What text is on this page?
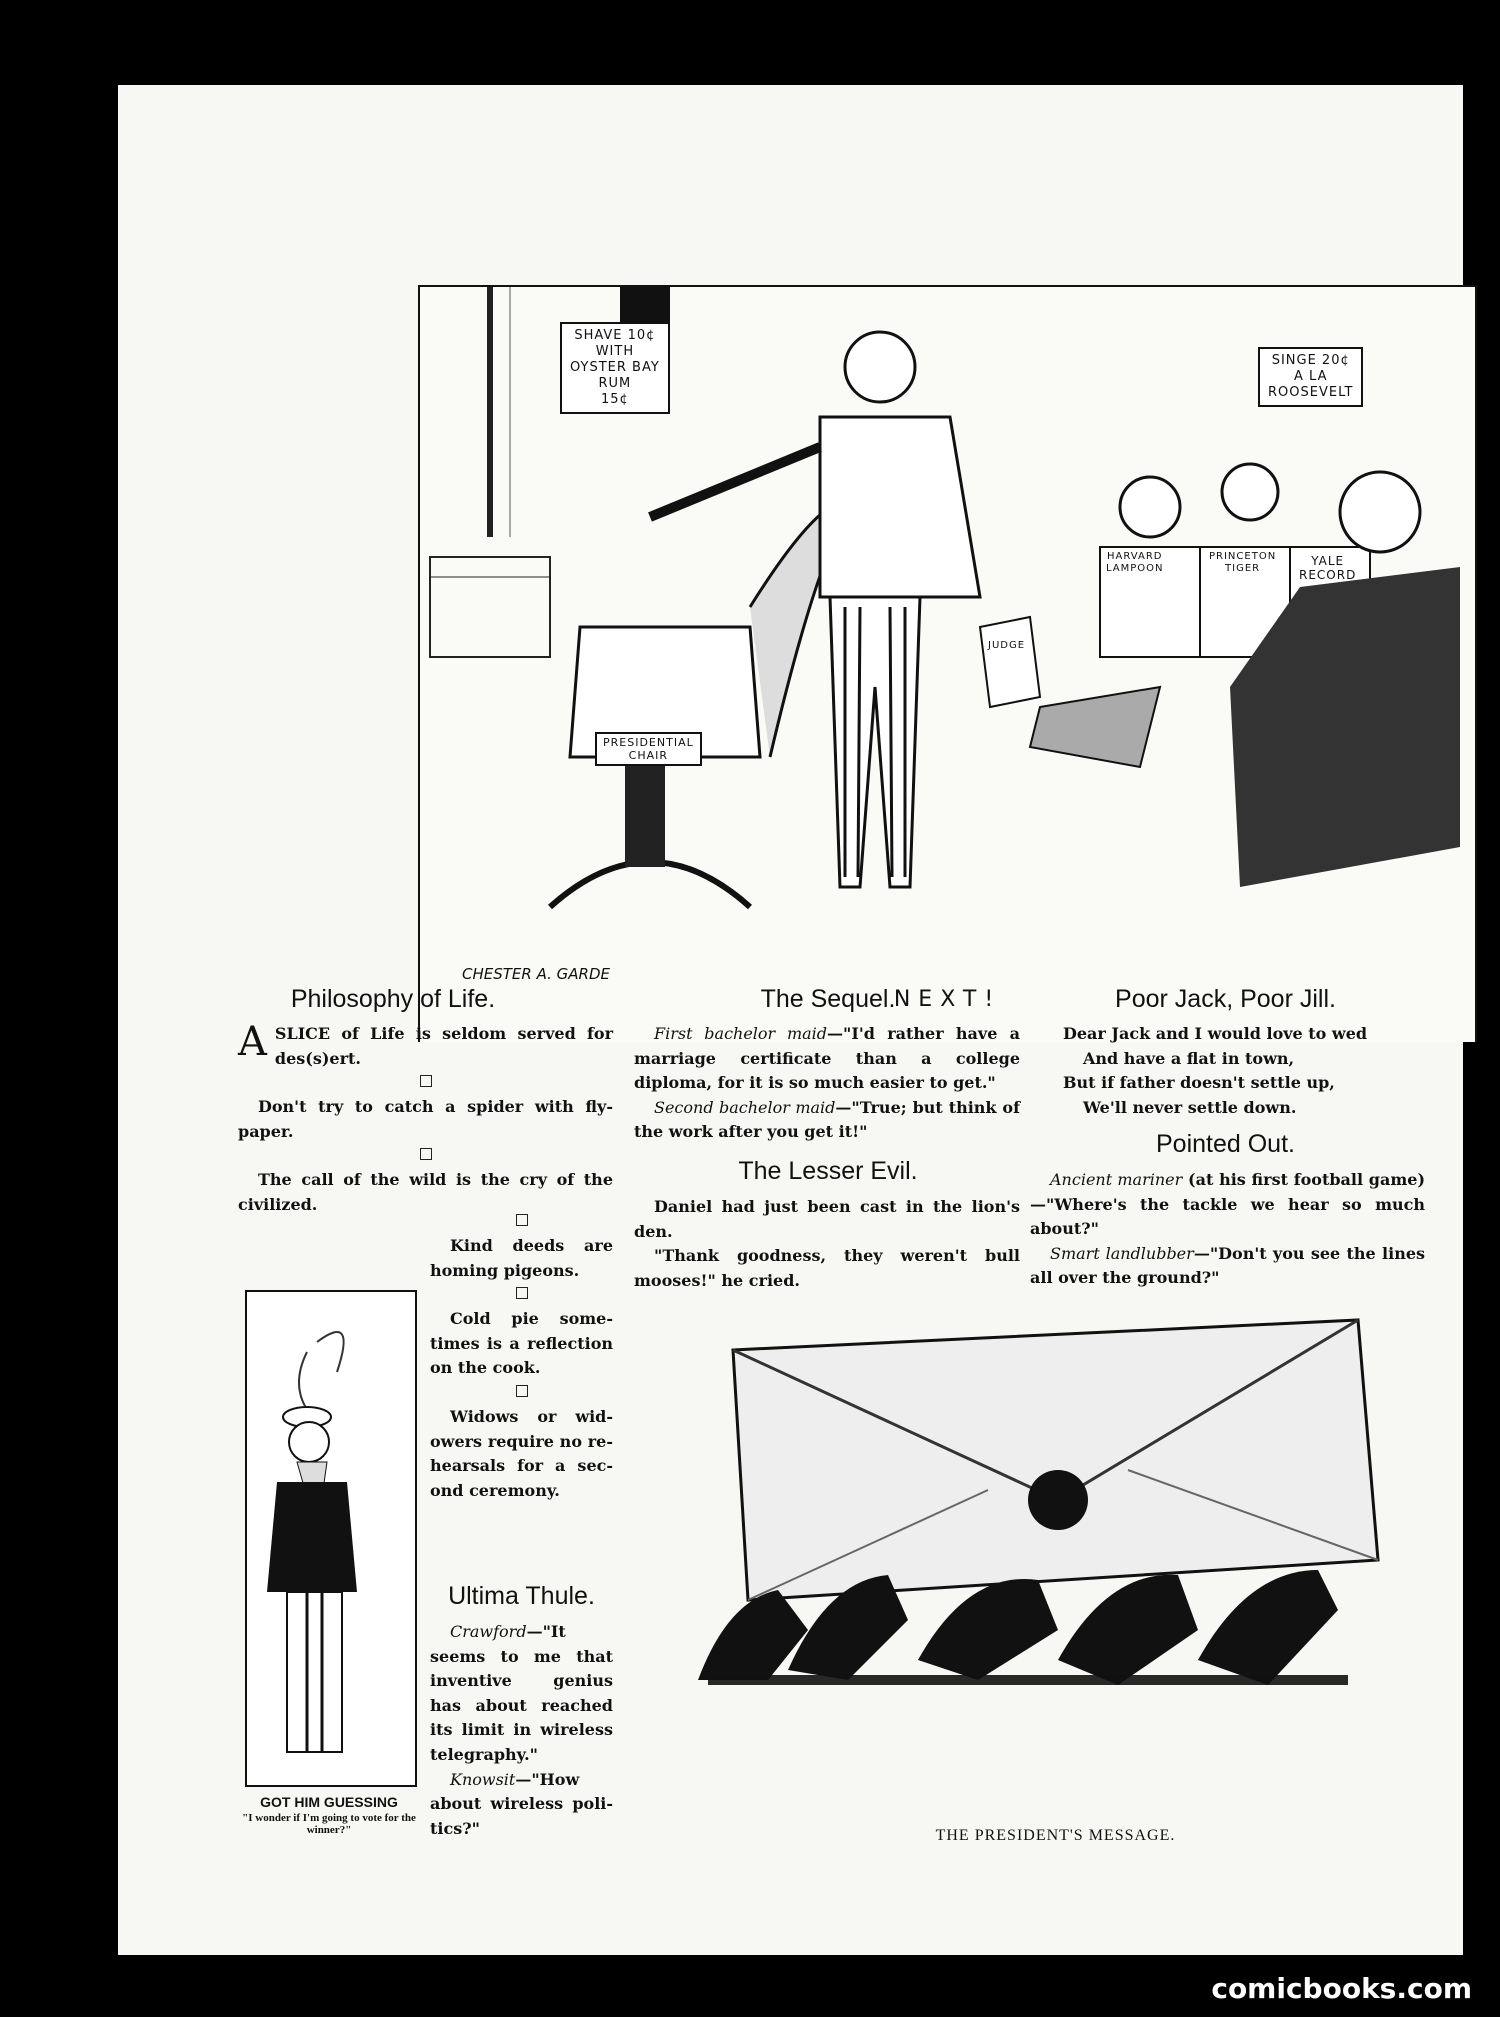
SHAVE 10¢
WITH
OYSTER BAY
RUM
15¢
SINGE 20¢
A LA
ROOSEVELT
PRESIDENTIAL
CHAIR
HARVARD
LAMPOON
PRINCETON
TIGER
YALE
RECORD
JUDGE
CHESTER A. GARDE
NEXT!
Philosophy of Life.

ASLICE of Life is seldom served for des(s)ert.

Don't try to catch a spider with fly-paper.

The call of the wild is the cry of the civilized.

Kind deeds are homing pigeons.

Cold pie some-times is a reflection on the cook.

Widows or wid-owers require no re-hearsals for a sec-ond ceremony.

Ultima Thule.

Crawford—"It seems to me that inventive genius has about reached its limit in wireless telegraphy."

Knowsit—"How about wireless poli-tics?"

GOT HIM GUESSING
"I wonder if I'm going to vote for the winner?"
The Sequel.

First bachelor maid—"I'd rather have a marriage certificate than a college diploma, for it is so much easier to get."

Second bachelor maid—"True; but think of the work after you get it!"

The Lesser Evil.

Daniel had just been cast in the lion's den.

"Thank goodness, they weren't bull mooses!" he cried.

Poor Jack, Poor Jill.

Dear Jack and I would love to wed

And have a flat in town,

But if father doesn't settle up,

We'll never settle down.

Pointed Out.

Ancient mariner (at his first football game)—"Where's the tackle we hear so much about?"

Smart landlubber—"Don't you see the lines all over the ground?"

THE PRESIDENT'S MESSAGE.
comicbooks.com
